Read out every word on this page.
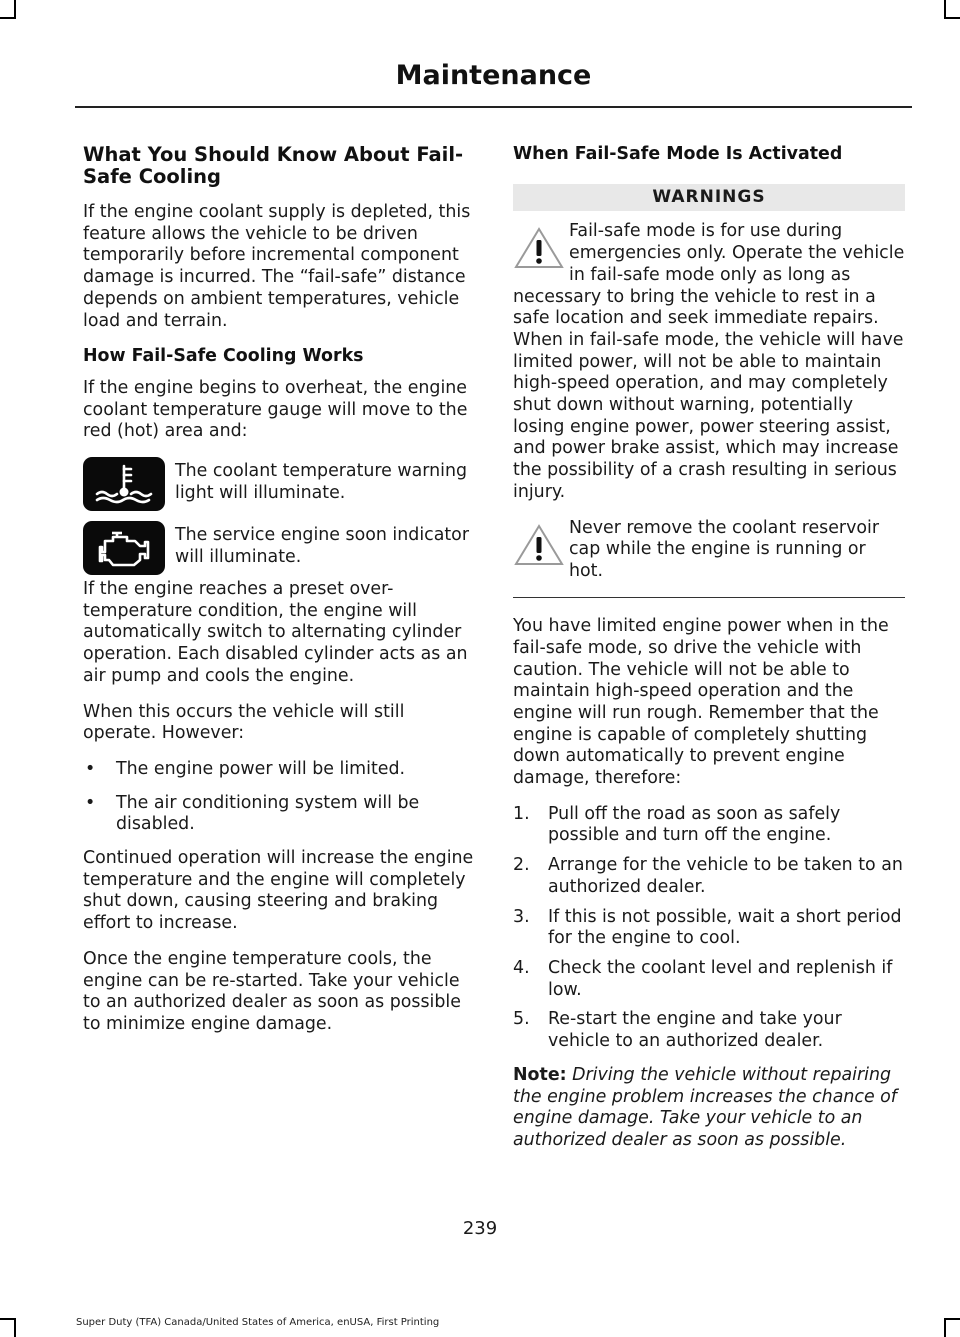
Maintenance
What You Should Know About Fail-Safe Cooling

If the engine coolant supply is depleted, this feature allows the vehicle to be driven temporarily before incremental component damage is incurred. The “fail-safe” distance depends on ambient temperatures, vehicle load and terrain.

How Fail-Safe Cooling Works

If the engine begins to overheat, the engine coolant temperature gauge will move to the red (hot) area and:

The coolant temperature warning light will illuminate.
The service engine soon indicator will illuminate.

If the engine reaches a preset over-temperature condition, the engine will automatically switch to alternating cylinder operation. Each disabled cylinder acts as an air pump and cools the engine.

When this occurs the vehicle will still operate. However:

• The engine power will be limited.
• The air conditioning system will be disabled.

Continued operation will increase the engine temperature and the engine will completely shut down, causing steering and braking effort to increase.

Once the engine temperature cools, the engine can be re-started. Take your vehicle to an authorized dealer as soon as possible to minimize engine damage.

When Fail-Safe Mode Is Activated
WARNINGS
Fail-safe mode is for use during emergencies only. Operate the vehicle in fail-safe mode only as long as necessary to bring the vehicle to rest in a safe location and seek immediate repairs. When in fail-safe mode, the vehicle will have limited power, will not be able to maintain high-speed operation, and may completely shut down without warning, potentially losing engine power, power steering assist, and power brake assist, which may increase the possibility of a crash resulting in serious injury.
Never remove the coolant reservoir cap while the engine is running or hot.

You have limited engine power when in the fail-safe mode, so drive the vehicle with caution. The vehicle will not be able to maintain high-speed operation and the engine will run rough. Remember that the engine is capable of completely shutting down automatically to prevent engine damage, therefore:

1. Pull off the road as soon as safely possible and turn off the engine.
2. Arrange for the vehicle to be taken to an authorized dealer.
3. If this is not possible, wait a short period for the engine to cool.
4. Check the coolant level and replenish if low.
5. Re-start the engine and take your vehicle to an authorized dealer.

Note: Driving the vehicle without repairing the engine problem increases the chance of engine damage. Take your vehicle to an authorized dealer as soon as possible.

239
Super Duty (TFA) Canada/United States of America, enUSA, First Printing
